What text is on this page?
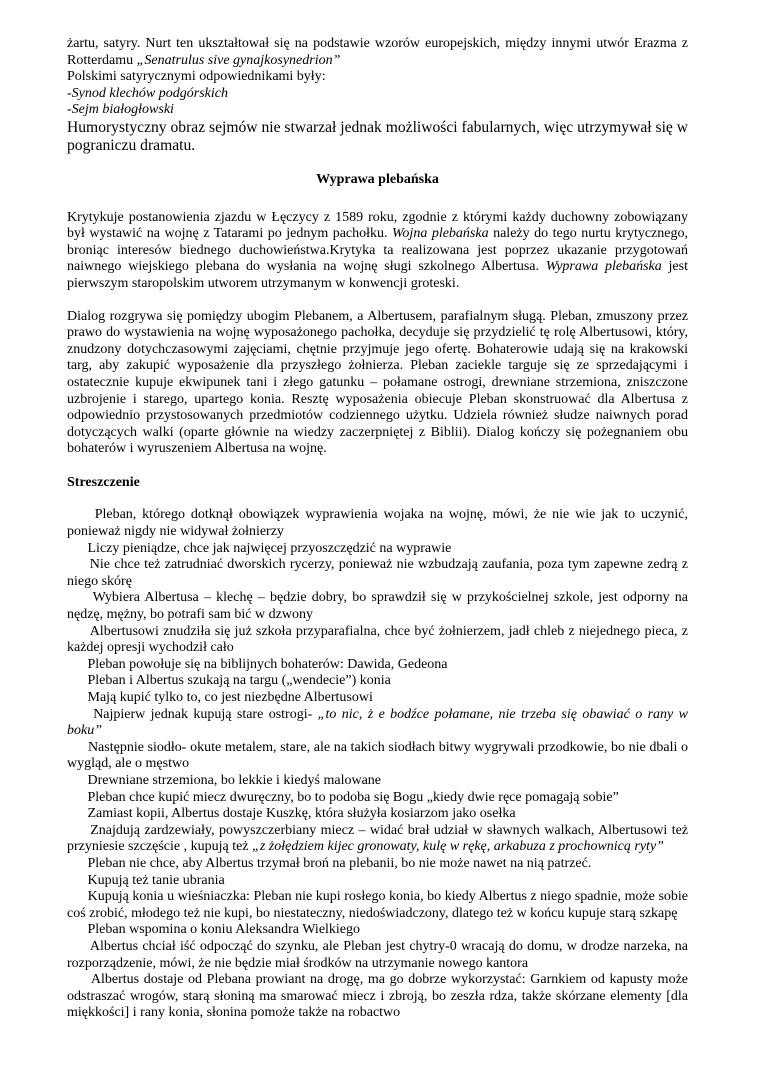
żartu, satyry. Nurt ten ukształtował się na podstawie wzorów europejskich, między innymi utwór Erazma z Rotterdamu „Senatrulus sive gynajkosynedrion”

Polskimi satyrycznymi odpowiednikami były:

-Synod klechów podgórskich

-Sejm białogłowski

Humorystyczny obraz sejmów nie stwarzał jednak możliwości fabularnych, więc utrzymywał się w pograniczu dramatu.

Wyprawa plebańska

Krytykuje postanowienia zjazdu w Łęczycy z 1589 roku, zgodnie z którymi każdy duchowny zobowiązany był wystawić na wojnę z Tatarami po jednym pachołku. Wojna plebańska należy do tego nurtu krytycznego, broniąc interesów biednego duchowieństwa.Krytyka ta realizowana jest poprzez ukazanie przygotowań naiwnego wiejskiego plebana do wysłania na wojnę sługi szkolnego Albertusa. Wyprawa plebańska jest pierwszym staropolskim utworem utrzymanym w konwencji groteski.

Dialog rozgrywa się pomiędzy ubogim Plebanem, a Albertusem, parafialnym sługą. Pleban, zmuszony przez prawo do wystawienia na wojnę wyposażonego pachołka, decyduje się przydzielić tę rolę Albertusowi, który, znudzony dotychczasowymi zajęciami, chętnie przyjmuje jego ofertę. Bohaterowie udają się na krakowski targ, aby zakupić wyposażenie dla przyszłego żołnierza. Pleban zaciekle targuje się ze sprzedającymi i ostatecznie kupuje ekwipunek tani i złego gatunku – połamane ostrogi, drewniane strzemiona, zniszczone uzbrojenie i starego, upartego konia. Resztę wyposażenia obiecuje Pleban skonstruować dla Albertusa z odpowiednio przystosowanych przedmiotów codziennego użytku. Udziela również słudze naiwnych porad dotyczących walki (oparte głównie na wiedzy zaczerpniętej z Biblii). Dialog kończy się pożegnaniem obu bohaterów i wyruszeniem Albertusa na wojnę.

Streszczenie

Pleban, którego dotknął obowiązek wyprawienia wojaka na wojnę, mówi, że nie wie jak to uczynić, ponieważ nigdy nie widywał żołnierzy

Liczy pieniądze, chce jak najwięcej przyoszczędzić na wyprawie

Nie chce też zatrudniać dworskich rycerzy, ponieważ nie wzbudzają zaufania, poza tym zapewne zedrą z niego skórę

Wybiera Albertusa – klechę – będzie dobry, bo sprawdził się w przykościelnej szkole, jest odporny na nędzę, mężny, bo potrafi sam bić w dzwony

Albertusowi znudziła się już szkoła przyparafialna, chce być żołnierzem, jadł chleb z niejednego pieca, z każdej opresji wychodził cało

Pleban powołuje się na biblijnych bohaterów: Dawida, Gedeona

Pleban i Albertus szukają na targu („wendecie”) konia

Mają kupić tylko to, co jest niezbędne Albertusowi

Najpierw jednak kupują stare ostrogi- „to nic, ż e bodźce połamane, nie trzeba się obawiać o rany w boku”

Następnie siodło- okute metalem, stare, ale na takich siodłach bitwy wygrywali przodkowie, bo nie dbali o wygląd, ale o męstwo

Drewniane strzemiona, bo lekkie i kiedyś malowane

Pleban chce kupić miecz dwuręczny, bo to podoba się Bogu „kiedy dwie ręce pomagają sobie”

Zamiast kopii, Albertus dostaje Kuszkę, która służyła kosiarzom jako osełka

Znajdują zardzewiały, powyszczerbiany miecz – widać brał udział w sławnych walkach, Albertusowi też przyniesie szczęście , kupują też „z żołędziem kijec gronowaty, kulę w rękę, arkabuza z prochownicą ryty”

Pleban nie chce, aby Albertus trzymał broń na plebanii, bo nie może nawet na nią patrzeć.

Kupują też tanie ubrania

Kupują konia u wieśniaczka: Pleban nie kupi rosłego konia, bo kiedy Albertus z niego spadnie, może sobie coś zrobić, młodego też nie kupi, bo niestateczny, niedoświadczony, dlatego też w końcu kupuje starą szkapę

Pleban wspomina o koniu Aleksandra Wielkiego

Albertus chciał iść odpocząć do szynku, ale Pleban jest chytry-0 wracają do domu, w drodze narzeka, na rozporządzenie, mówi, że nie będzie miał środków na utrzymanie nowego kantora

Albertus dostaje od Plebana prowiant na drogę, ma go dobrze wykorzystać: Garnkiem od kapusty może odstraszać wrogów, starą słoniną ma smarować miecz i zbroją, bo zeszła rdza, także skórzane elementy [dla miękkości] i rany konia, słonina pomoże także na robactwo
